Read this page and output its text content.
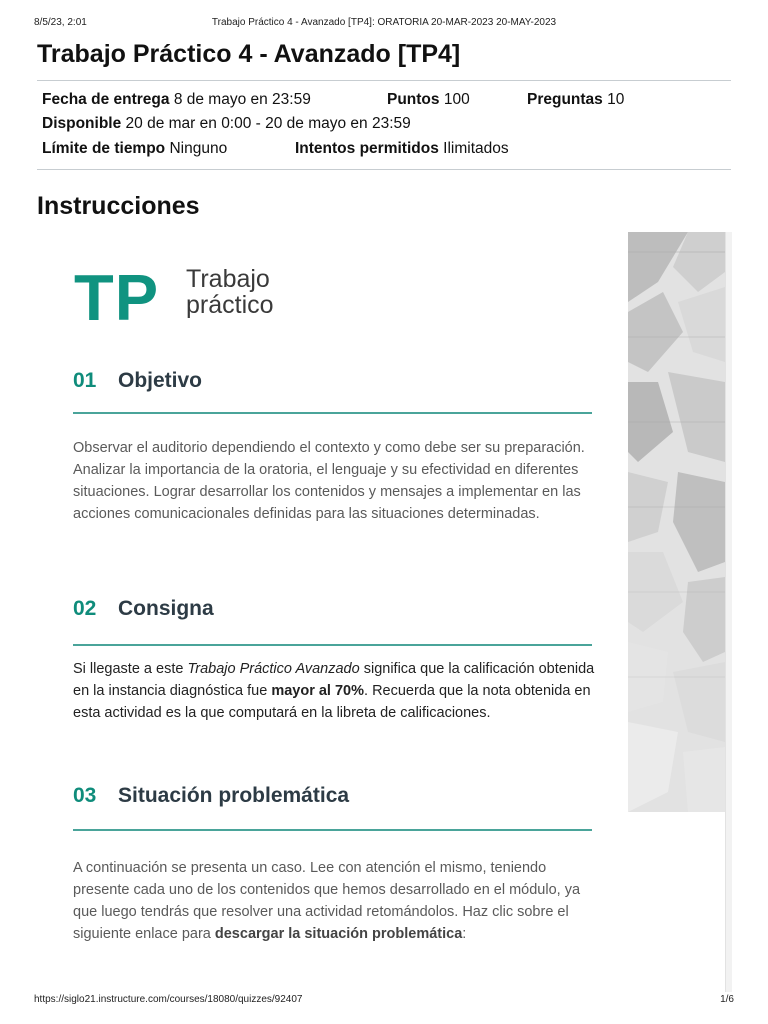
8/5/23, 2:01	Trabajo Práctico 4 - Avanzado [TP4]: ORATORIA 20-MAR-2023 20-MAY-2023
Trabajo Práctico 4 - Avanzado [TP4]
Fecha de entrega 8 de mayo en 23:59	Puntos 100	Preguntas 10
Disponible 20 de mar en 0:00 - 20 de mayo en 23:59
Límite de tiempo Ninguno	Intentos permitidos Ilimitados
Instrucciones
TP Trabajo
práctico
01 Objetivo

Observar el auditorio dependiendo el contexto y como debe ser su preparación. Analizar la importancia de la oratoria, el lenguaje y su efectividad en diferentes situaciones. Lograr desarrollar los contenidos y mensajes a implementar en las acciones comunicacionales definidas para las situaciones determinadas.

02 Consigna

Si llegaste a este Trabajo Práctico Avanzado significa que la calificación obtenida en la instancia diagnóstica fue mayor al 70%. Recuerda que la nota obtenida en esta actividad es la que computará en la libreta de calificaciones.

03 Situación problemática

A continuación se presenta un caso. Lee con atención el mismo, teniendo presente cada uno de los contenidos que hemos desarrollado en el módulo, ya que luego tendrás que resolver una actividad retomándolos. Haz clic sobre el siguiente enlace para descargar la situación problemática:

https://siglo21.instructure.com/courses/18080/quizzes/92407	1/6
